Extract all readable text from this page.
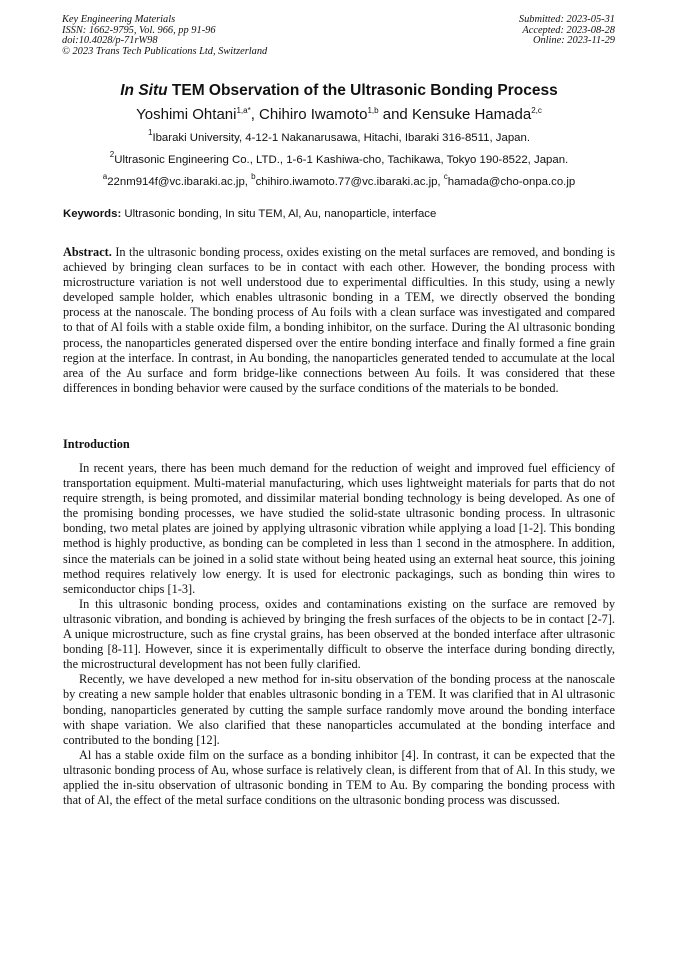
Key Engineering Materials
ISSN: 1662-9795, Vol. 966, pp 91-96
doi:10.4028/p-71rW98
© 2023 Trans Tech Publications Ltd, Switzerland
Submitted: 2023-05-31
Accepted: 2023-08-28
Online: 2023-11-29
In Situ TEM Observation of the Ultrasonic Bonding Process
Yoshimi Ohtani$^{1,a*}$, Chihiro Iwamoto$^{1,b}$ and Kensuke Hamada$^{2,c}$
$^1$Ibaraki University, 4-12-1 Nakanarusawa, Hitachi, Ibaraki 316-8511, Japan.
$^2$Ultrasonic Engineering Co., LTD., 1-6-1 Kashiwa-cho, Tachikawa, Tokyo 190-8522, Japan.
$^a$22nm914f@vc.ibaraki.ac.jp, $^b$chihiro.iwamoto.77@vc.ibaraki.ac.jp, $^c$hamada@cho-onpa.co.jp
Keywords: Ultrasonic bonding, In situ TEM, Al, Au, nanoparticle, interface
Abstract. In the ultrasonic bonding process, oxides existing on the metal surfaces are removed, and bonding is achieved by bringing clean surfaces to be in contact with each other. However, the bonding process with microstructure variation is not well understood due to experimental difficulties. In this study, using a newly developed sample holder, which enables ultrasonic bonding in a TEM, we directly observed the bonding process at the nanoscale. The bonding process of Au foils with a clean surface was investigated and compared to that of Al foils with a stable oxide film, a bonding inhibitor, on the surface. During the Al ultrasonic bonding process, the nanoparticles generated dispersed over the entire bonding interface and finally formed a fine grain region at the interface. In contrast, in Au bonding, the nanoparticles generated tended to accumulate at the local area of the Au surface and form bridge-like connections between Au foils. It was considered that these differences in bonding behavior were caused by the surface conditions of the materials to be bonded.
Introduction

In recent years, there has been much demand for the reduction of weight and improved fuel efficiency of transportation equipment. Multi-material manufacturing, which uses lightweight materials for parts that do not require strength, is being promoted, and dissimilar material bonding technology is being developed. As one of the promising bonding processes, we have studied the solid-state ultrasonic bonding process. In ultrasonic bonding, two metal plates are joined by applying ultrasonic vibration while applying a load [1-2]. This bonding method is highly productive, as bonding can be completed in less than 1 second in the atmosphere. In addition, since the materials can be joined in a solid state without being heated using an external heat source, this joining method requires relatively low energy. It is used for electronic packagings, such as bonding thin wires to semiconductor chips [1-3].

In this ultrasonic bonding process, oxides and contaminations existing on the surface are removed by ultrasonic vibration, and bonding is achieved by bringing the fresh surfaces of the objects to be in contact [2-7]. A unique microstructure, such as fine crystal grains, has been observed at the bonded interface after ultrasonic bonding [8-11]. However, since it is experimentally difficult to observe the interface during bonding directly, the microstructural development has not been fully clarified.

Recently, we have developed a new method for in-situ observation of the bonding process at the nanoscale by creating a new sample holder that enables ultrasonic bonding in a TEM. It was clarified that in Al ultrasonic bonding, nanoparticles generated by cutting the sample surface randomly move around the bonding interface with shape variation. We also clarified that these nanoparticles accumulated at the bonding interface and contributed to the bonding [12].

Al has a stable oxide film on the surface as a bonding inhibitor [4]. In contrast, it can be expected that the ultrasonic bonding process of Au, whose surface is relatively clean, is different from that of Al. In this study, we applied the in-situ observation of ultrasonic bonding in TEM to Au. By comparing the bonding process with that of Al, the effect of the metal surface conditions on the ultrasonic bonding process was discussed.
